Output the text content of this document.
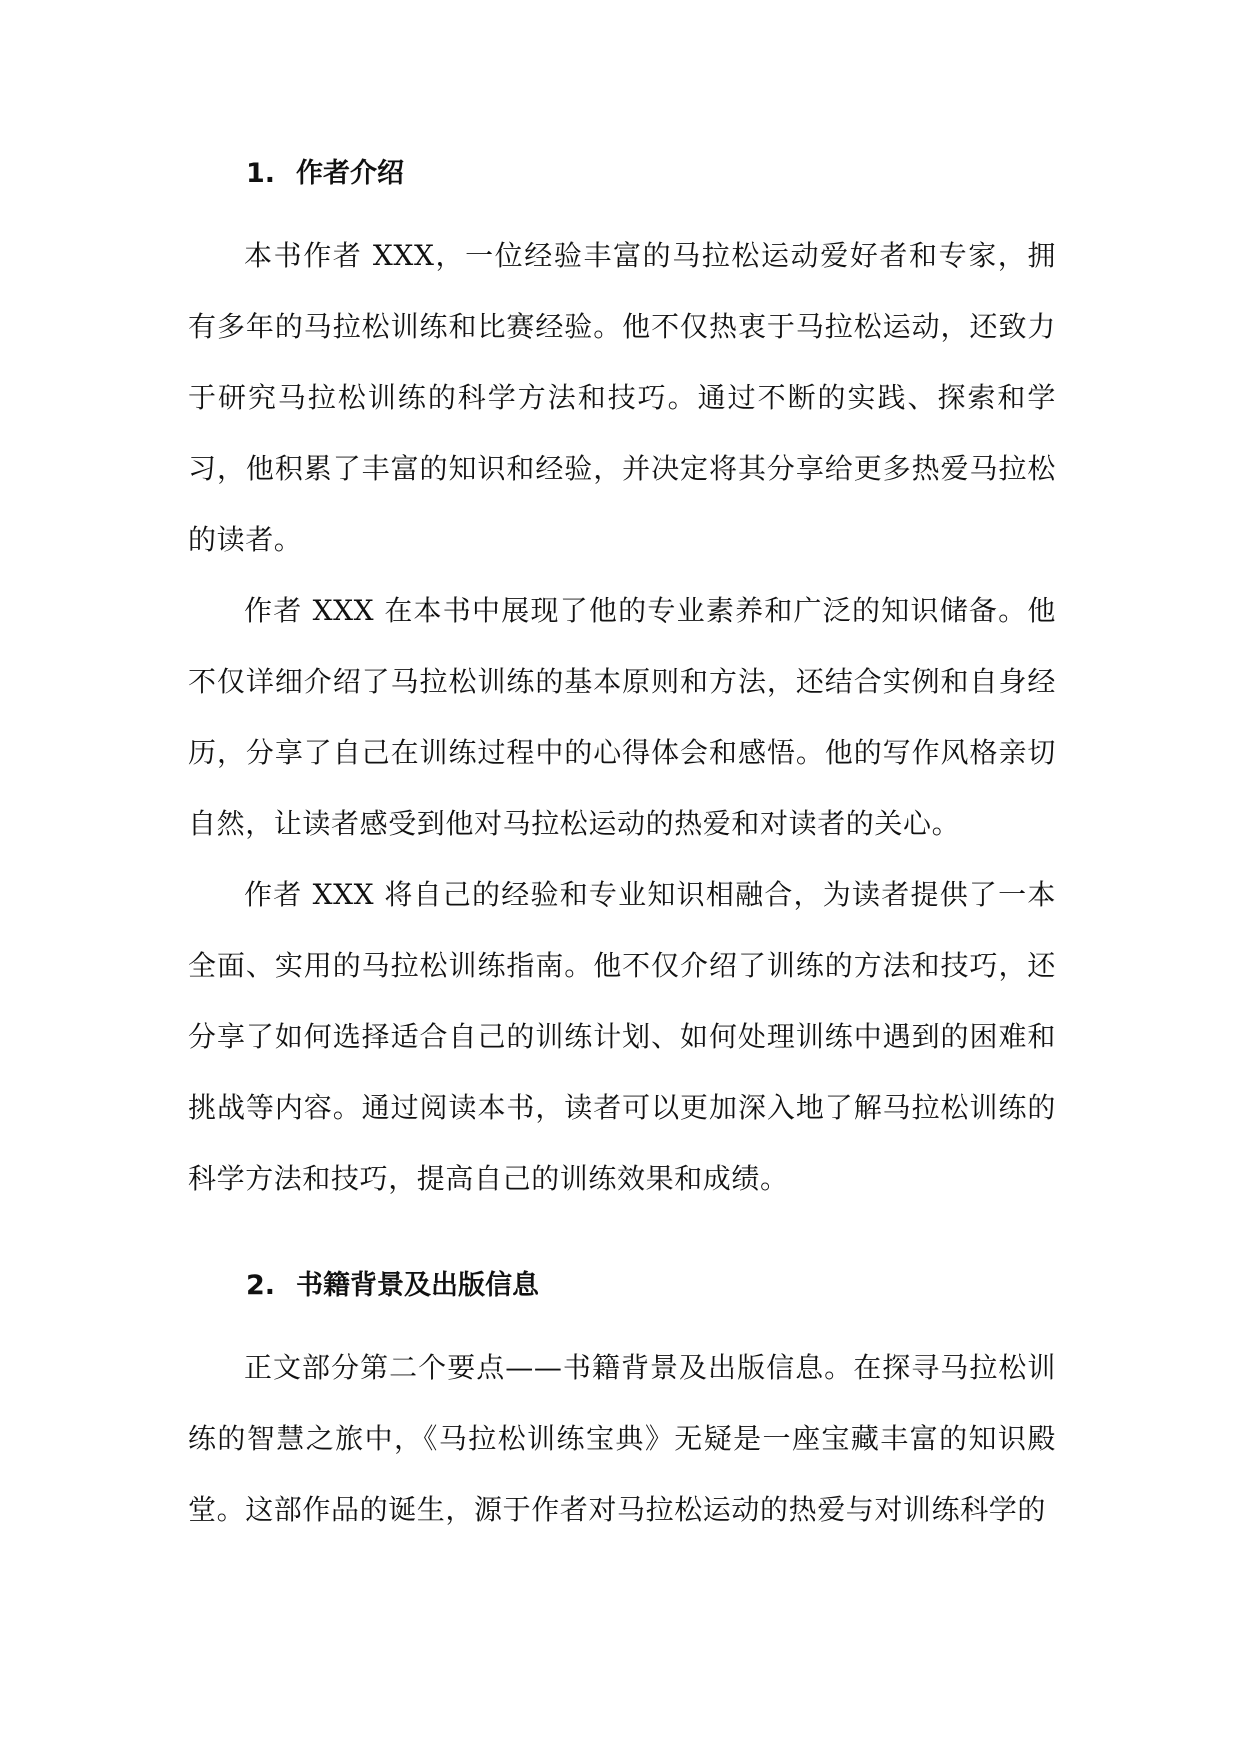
1. 作者介绍

本书作者 XXX，一位经验丰富的马拉松运动爱好者和专家，拥有多年的马拉松训练和比赛经验。他不仅热衷于马拉松运动，还致力于研究马拉松训练的科学方法和技巧。通过不断的实践、探索和学习，他积累了丰富的知识和经验，并决定将其分享给更多热爱马拉松的读者。

作者 XXX 在本书中展现了他的专业素养和广泛的知识储备。他不仅详细介绍了马拉松训练的基本原则和方法，还结合实例和自身经历，分享了自己在训练过程中的心得体会和感悟。他的写作风格亲切自然，让读者感受到他对马拉松运动的热爱和对读者的关心。

作者 XXX 将自己的经验和专业知识相融合，为读者提供了一本全面、实用的马拉松训练指南。他不仅介绍了训练的方法和技巧，还分享了如何选择适合自己的训练计划、如何处理训练中遇到的困难和挑战等内容。通过阅读本书，读者可以更加深入地了解马拉松训练的科学方法和技巧，提高自己的训练效果和成绩。

2. 书籍背景及出版信息

正文部分第二个要点——书籍背景及出版信息。在探寻马拉松训练的智慧之旅中，《马拉松训练宝典》无疑是一座宝藏丰富的知识殿堂。这部作品的诞生，源于作者对马拉松运动的热爱与对训练科学的
